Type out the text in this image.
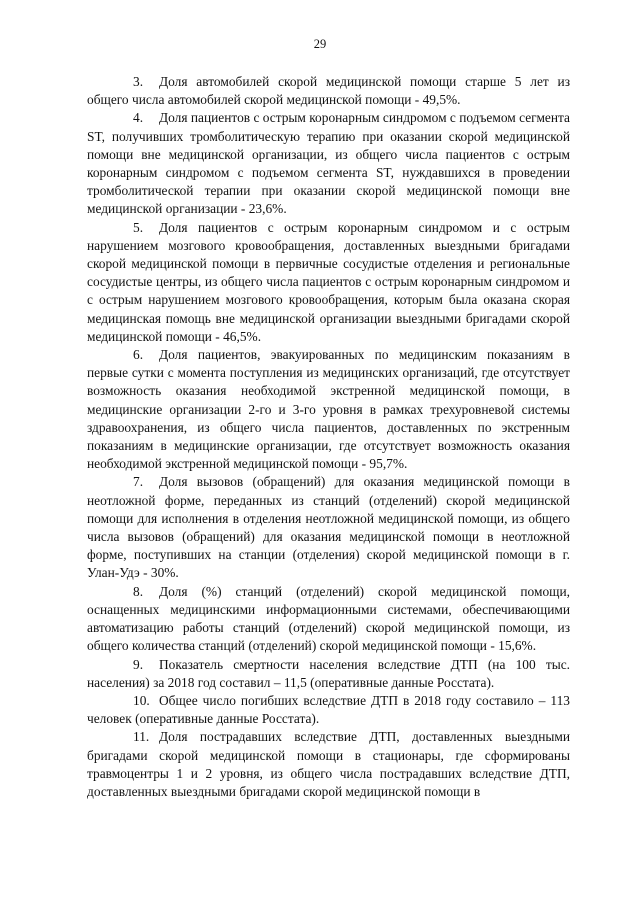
29

3. Доля автомобилей скорой медицинской помощи старше 5 лет из общего числа автомобилей скорой медицинской помощи - 49,5%.

4. Доля пациентов с острым коронарным синдромом с подъемом сегмента ST, получивших тромболитическую терапию при оказании скорой медицинской помощи вне медицинской организации, из общего числа пациентов с острым коронарным синдромом с подъемом сегмента ST, нуждавшихся в проведении тромболитической терапии при оказании скорой медицинской помощи вне медицинской организации - 23,6%.

5. Доля пациентов с острым коронарным синдромом и с острым нарушением мозгового кровообращения, доставленных выездными бригадами скорой медицинской помощи в первичные сосудистые отделения и региональные сосудистые центры, из общего числа пациентов с острым коронарным синдромом и с острым нарушением мозгового кровообращения, которым была оказана скорая медицинская помощь вне медицинской организации выездными бригадами скорой медицинской помощи - 46,5%.

6. Доля пациентов, эвакуированных по медицинским показаниям в первые сутки с момента поступления из медицинских организаций, где отсутствует возможность оказания необходимой экстренной медицинской помощи, в медицинские организации 2-го и 3-го уровня в рамках трехуровневой системы здравоохранения, из общего числа пациентов, доставленных по экстренным показаниям в медицинские организации, где отсутствует возможность оказания необходимой экстренной медицинской помощи - 95,7%.

7. Доля вызовов (обращений) для оказания медицинской помощи в неотложной форме, переданных из станций (отделений) скорой медицинской помощи для исполнения в отделения неотложной медицинской помощи, из общего числа вызовов (обращений) для оказания медицинской помощи в неотложной форме, поступивших на станции (отделения) скорой медицинской помощи в г. Улан-Удэ - 30%.

8. Доля (%) станций (отделений) скорой медицинской помощи, оснащенных медицинскими информационными системами, обеспечивающими автоматизацию работы станций (отделений) скорой медицинской помощи, из общего количества станций (отделений) скорой медицинской помощи - 15,6%.

9. Показатель смертности населения вследствие ДТП (на 100 тыс. населения) за 2018 год составил – 11,5 (оперативные данные Росстата).

10. Общее число погибших вследствие ДТП в 2018 году составило – 113 человек (оперативные данные Росстата).

11. Доля пострадавших вследствие ДТП, доставленных выездными бригадами скорой медицинской помощи в стационары, где сформированы травмоцентры 1 и 2 уровня, из общего числа пострадавших вследствие ДТП, доставленных выездными бригадами скорой медицинской помощи в
